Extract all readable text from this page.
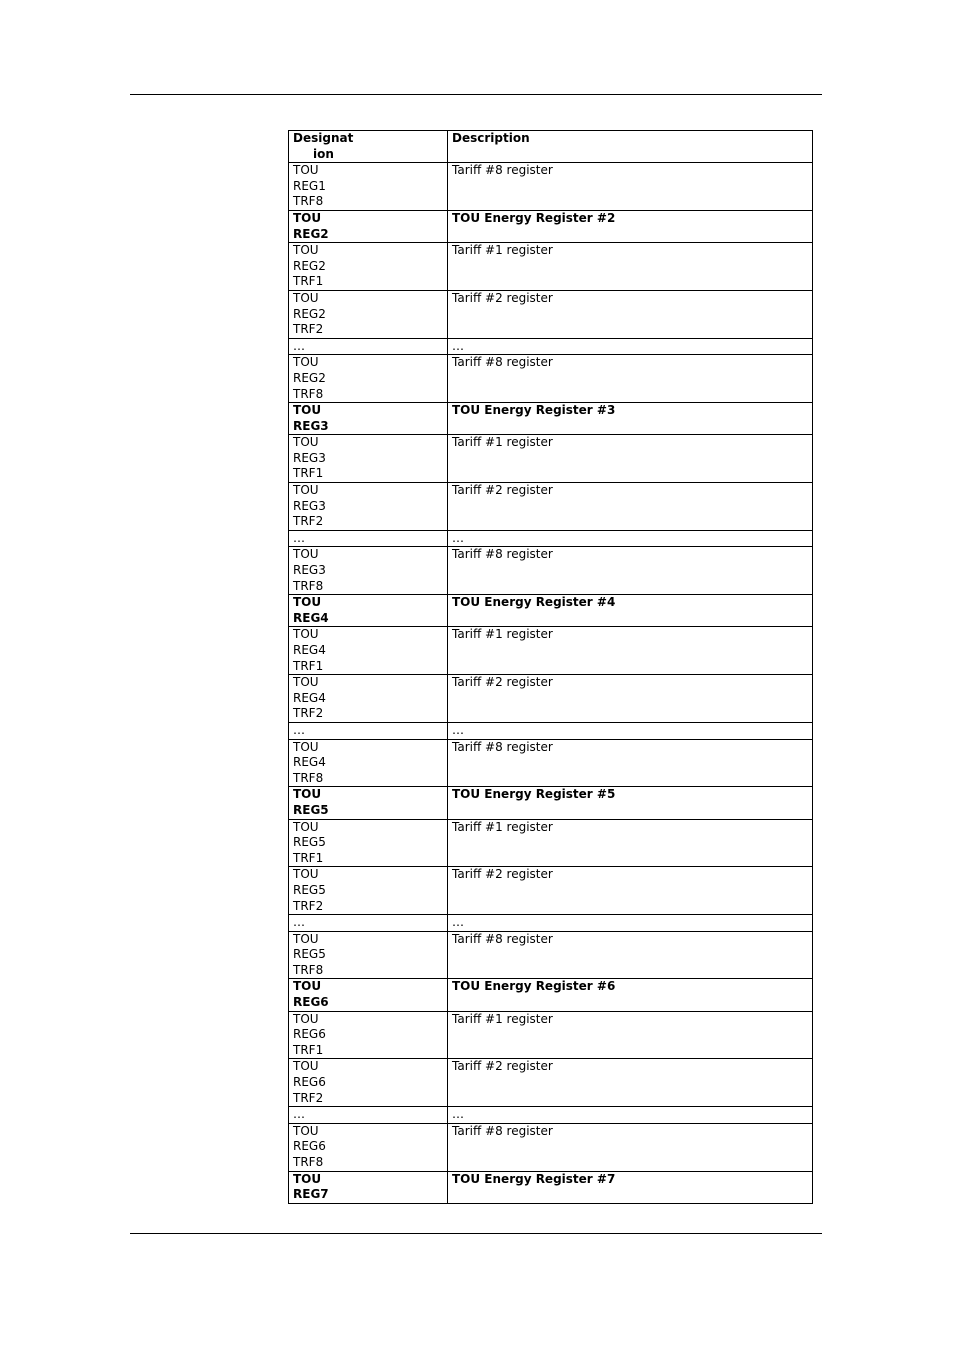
Designat
ion	Description

TOU
REG1
TRF8	Tariff #8 register

TOU
REG2	TOU Energy Register #2

TOU
REG2
TRF1	Tariff #1 register

TOU
REG2
TRF2	Tariff #2 register

…	…

TOU
REG2
TRF8	Tariff #8 register

TOU
REG3	TOU Energy Register #3

TOU
REG3
TRF1	Tariff #1 register

TOU
REG3
TRF2	Tariff #2 register

…	…

TOU
REG3
TRF8	Tariff #8 register

TOU
REG4	TOU Energy Register #4

TOU
REG4
TRF1	Tariff #1 register

TOU
REG4
TRF2	Tariff #2 register

…	…

TOU
REG4
TRF8	Tariff #8 register

TOU
REG5	TOU Energy Register #5

TOU
REG5
TRF1	Tariff #1 register

TOU
REG5
TRF2	Tariff #2 register

…	…

TOU
REG5
TRF8	Tariff #8 register

TOU
REG6	TOU Energy Register #6

TOU
REG6
TRF1	Tariff #1 register

TOU
REG6
TRF2	Tariff #2 register

…	…

TOU
REG6
TRF8	Tariff #8 register

TOU
REG7	TOU Energy Register #7
